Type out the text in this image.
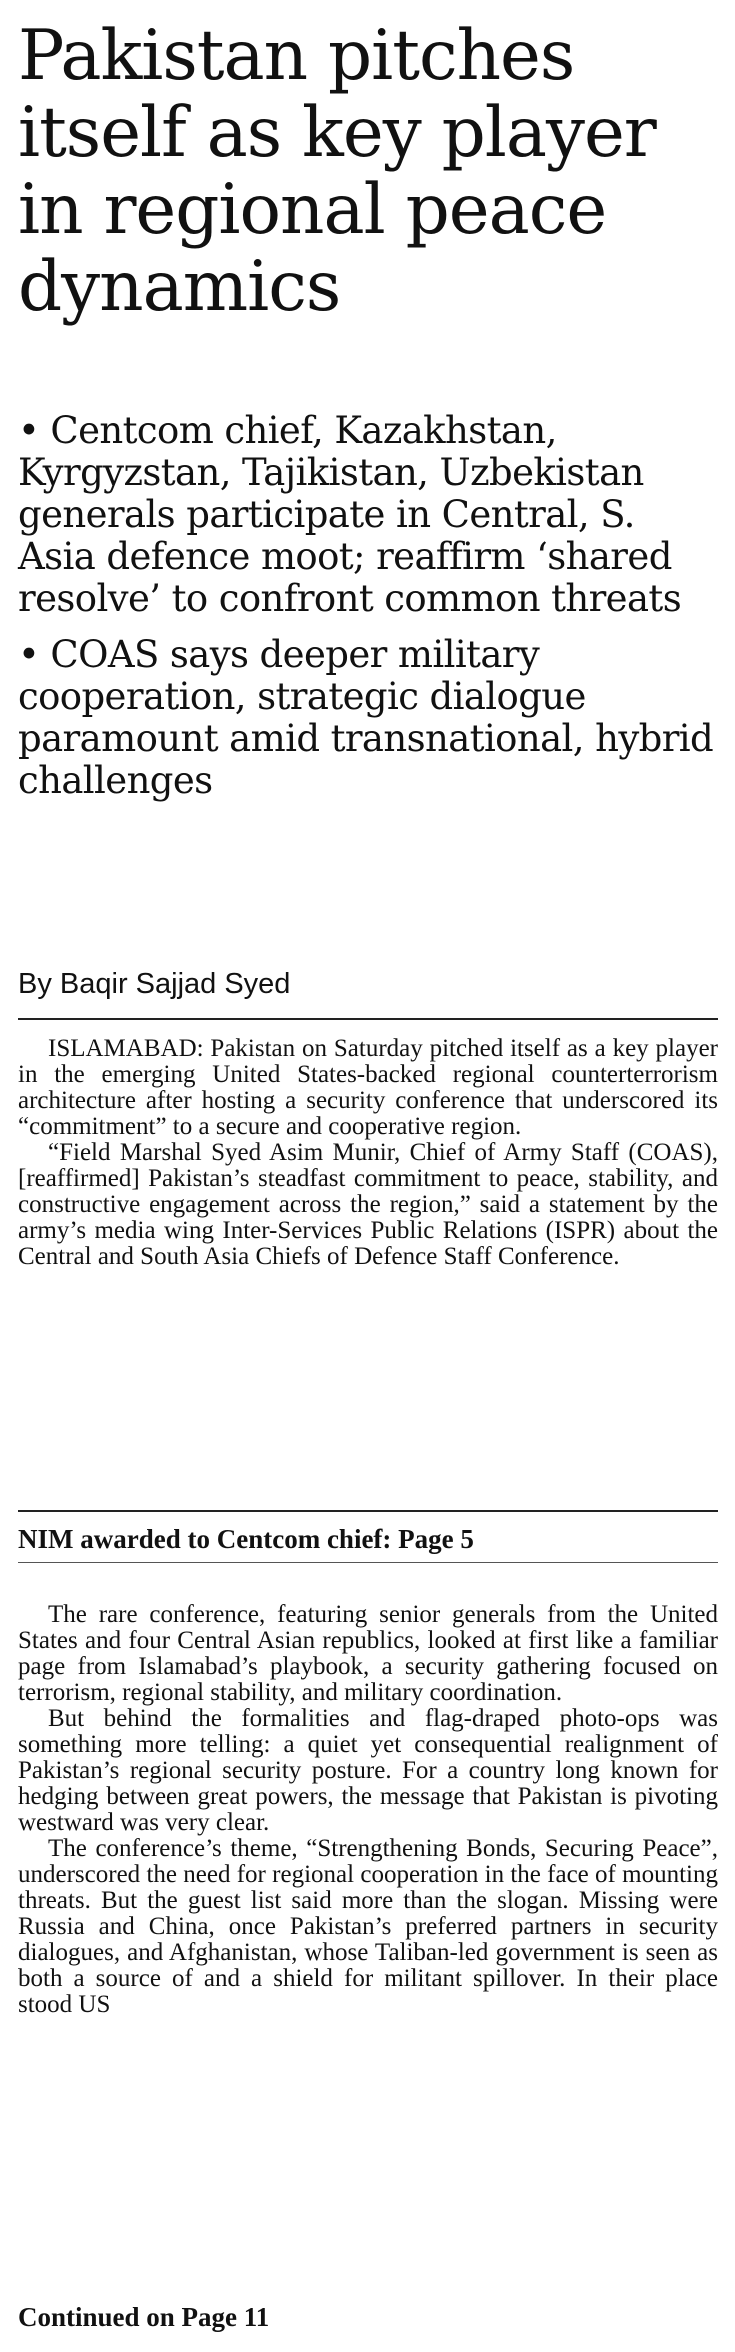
Pakistan pitches itself as key player in regional peace dynamics

• Centcom chief, Kazakhstan, Kyrgyzstan, Tajikistan, Uzbekistan generals participate in Central, S. Asia defence moot; reaffirm ‘shared resolve’ to confront common threats

• COAS says deeper military cooperation, strategic dialogue paramount amid transnational, hybrid challenges

By Baqir Sajjad Syed

ISLAMABAD: Pakistan on Saturday pitched itself as a key player in the emerging United States-backed regional counterterrorism architecture after hosting a security conference that underscored its “commitment” to a secure and cooperative region.

“Field Marshal Syed Asim Munir, Chief of Army Staff (COAS), [reaffirmed] Pakistan’s steadfast commitment to peace, stability, and constructive engagement across the region,” said a statement by the army’s media wing Inter-Services Public Relations (ISPR) about the Central and South Asia Chiefs of Defence Staff Conference.

NIM awarded to Centcom chief: Page 5

The rare conference, featuring senior generals from the United States and four Central Asian republics, looked at first like a familiar page from Islamabad’s playbook, a security gathering focused on terrorism, regional stability, and military coordination.

But behind the formalities and flag-draped photo-ops was something more telling: a quiet yet consequential realignment of Pakistan’s regional security posture. For a country long known for hedging between great powers, the message that Pakistan is pivoting westward was very clear.

The conference’s theme, “Strengthening Bonds, Securing Peace”, underscored the need for regional cooperation in the face of mounting threats. But the guest list said more than the slogan. Missing were Russia and China, once Pakistan’s preferred partners in security dialogues, and Afghanistan, whose Taliban-led government is seen as both a source of and a shield for militant spillover. In their place stood US

Continued on Page 11
